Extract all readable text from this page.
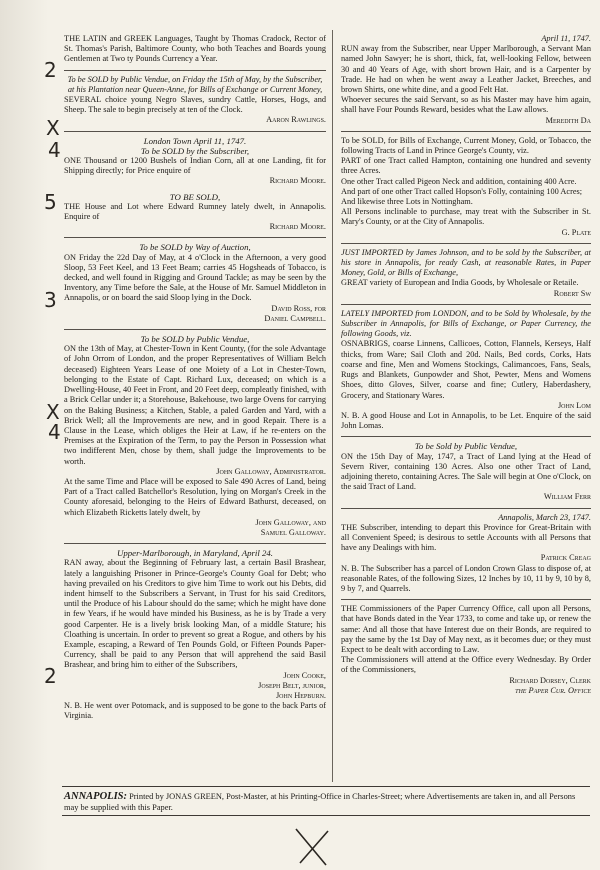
2
X
4
5
3
X
4
2

THE LATIN and GREEK Languages, Taught by Thomas Cradock, Rector of St. Thomas's Parish, Baltimore County, who both Teaches and Boards young Gentlemen at Two ty Pounds Currency a Year.

To be SOLD by Public Vendue, on Friday the 15th of May, by the Subscriber, at his Plantation near Queen-Anne, for Bills of Exchange or Current Money,

SEVERAL choice young Negro Slaves, sundry Cattle, Horses, Hogs, and Sheep. The sale to begin precisely at ten of the Clock.

Aaron Rawlings.

London Town April 11, 1747.

To be SOLD by the Subscriber,

ONE Thousand or 1200 Bushels of Indian Corn, all at one Landing, fit for Shipping directly; for Price enquire of

Richard Moore.

TO BE SOLD,

THE House and Lot where Edward Rumney lately dwelt, in Annapolis. Enquire of

Richard Moore.

To be SOLD by Way of Auction,

ON Friday the 22d Day of May, at 4 o'Clock in the Afternoon, a very good Sloop, 53 Feet Keel, and 13 Feet Beam; carries 45 Hogsheads of Tobacco, is decked, and well found in Rigging and Ground Tackle; as may be seen by the Inventory, any Time before the Sale, at the House of Mr. Samuel Middleton in Annapolis, or on board the said Sloop lying in the Dock.

David Ross, for

Daniel Campbell.

To be SOLD by Public Vendue,

ON the 13th of May, at Chester-Town in Kent County, (for the sole Advantage of John Orrom of London, and the proper Representatives of William Belch deceased) Eighteen Years Lease of one Moiety of a Lot in Chester-Town, belonging to the Estate of Capt. Richard Lux, deceased; on which is a Dwelling-House, 40 Feet in Front, and 20 Feet deep, compleatly finished, with a Brick Cellar under it; a Storehouse, Bakehouse, two large Ovens for carrying on the Baking Business; a Kitchen, Stable, a paled Garden and Yard, with a Brick Well; all the Improvements are new, and in good Repair. There is a Clause in the Lease, which obliges the Heir at Law, if he re-enters on the Premises at the Expiration of the Term, to pay the Person in Possession what two indifferent Men, chose by them, shall judge the Improvements to be worth.

John Galloway, Administrator.

At the same Time and Place will be exposed to Sale 490 Acres of Land, being Part of a Tract called Batchellor's Resolution, lying on Morgan's Creek in the County aforesaid, belonging to the Heirs of Edward Bathurst, deceased, on which Elizabeth Ricketts lately dwelt, by

John Galloway, and

Samuel Galloway.

Upper-Marlborough, in Maryland, April 24.

RAN away, about the Beginning of February last, a certain Basil Brashear, lately a languishing Prisoner in Prince-George's County Goal for Debt; who having prevailed on his Creditors to give him Time to work out his Debts, did indent himself to the Subscribers a Servant, in Trust for his said Creditors, until the Produce of his Labour should do the same; which he might have done in few Years, if he would have minded his Business, as he is by Trade a very good Carpenter. He is a lively brisk looking Man, of a middle Stature; his Cloathing is uncertain. In order to prevent so great a Rogue, and others by his Example, escaping, a Reward of Ten Pounds Gold, or Fifteen Pounds Paper-Currency, shall be paid to any Person that will apprehend the said Basil Brashear, and bring him to either of the Subscribers,

John Cooke,

Joseph Belt, junior,

John Hepburn.

N. B. He went over Potomack, and is supposed to be gone to the back Parts of Virginia.

April 11, 1747.

RUN away from the Subscriber, near Upper Marlborough, a Servant Man named John Sawyer; he is short, thick, fat, well-looking Fellow, between 30 and 40 Years of Age, with short brown Hair, and is a Carpenter by Trade. He had on when he went away a Leather Jacket, Breeches, and brown Shirts, one white dine, and a good Felt Hat.

Whoever secures the said Servant, so as his Master may have him again, shall have Four Pounds Reward, besides what the Law allows.

Meredith Da

To be SOLD, for Bills of Exchange, Current Money, Gold, or Tobacco, the following Tracts of Land in Prince George's County, viz.

PART of one Tract called Hampton, containing one hundred and seventy three Acres.

One other Tract called Pigeon Neck and addition, containing 400 Acre.

And part of one other Tract called Hopson's Folly, containing 100 Acres;

And likewise three Lots in Nottingham.

All Persons inclinable to purchase, may treat with the Subscriber in St. Mary's County, or at the City of Annapolis.

G. Plate

JUST IMPORTED by James Johnson, and to be sold by the Subscriber, at his store in Annapolis, for ready Cash, at reasonable Rates, in Paper Money, Gold, or Bills of Exchange,

GREAT variety of European and India Goods, by Wholesale or Retaile.

Robert Sw

LATELY IMPORTED from LONDON, and to be Sold by Wholesale, by the Subscriber in Annapolis, for Bills of Exchange, or Paper Currency, the following Goods, viz.

OSNABRIGS, coarse Linnens, Callicoes, Cotton, Flannels, Kerseys, Half thicks, from Ware; Sail Cloth and 20d. Nails, Bed cords, Corks, Hats coarse and fine, Men and Womens Stockings, Calimancoes, Fans, Seals, Rugs and Blankets, Gunpowder and Shot, Pewter, Mens and Womens Shoes, ditto Gloves, Silver, coarse and fine; Cutlery, Haberdashery, Grocery, and Stationary Wares.

John Lom

N. B. A good House and Lot in Annapolis, to be Let. Enquire of the said John Lomas.

To be Sold by Public Vendue,

ON the 15th Day of May, 1747, a Tract of Land lying at the Head of Severn River, containing 130 Acres. Also one other Tract of Land, adjoining thereto, containing Acres. The Sale will begin at One o'Clock, on the said Tract of Land.

William Ferr

Annapolis, March 23, 1747.

THE Subscriber, intending to depart this Province for Great-Britain with all Convenient Speed; is desirous to settle Accounts with all Persons that have any Dealings with him.

Patrick Creag

N. B. The Subscriber has a parcel of London Crown Glass to dispose of, at reasonable Rates, of the following Sizes, 12 Inches by 10, 11 by 9, 10 by 8, 9 by 7, and Quarrels.

THE Commissioners of the Paper Currency Office, call upon all Persons, that have Bonds dated in the Year 1733, to come and take up, or renew the same: And all those that have Interest due on their Bonds, are required to pay the same by the 1st Day of May next, as it becomes due; or they must Expect to be dealt with according to Law.

The Commissioners will attend at the Office every Wednesday. By Order of the Commissioners,

Richard Dorsey, Clerk

the Paper Cur. Office

ANNAPOLIS: Printed by JONAS GREEN, Post-Master, at his Printing-Office in Charles-Street; where Advertisements are taken in, and all Persons may be supplied with this Paper.
